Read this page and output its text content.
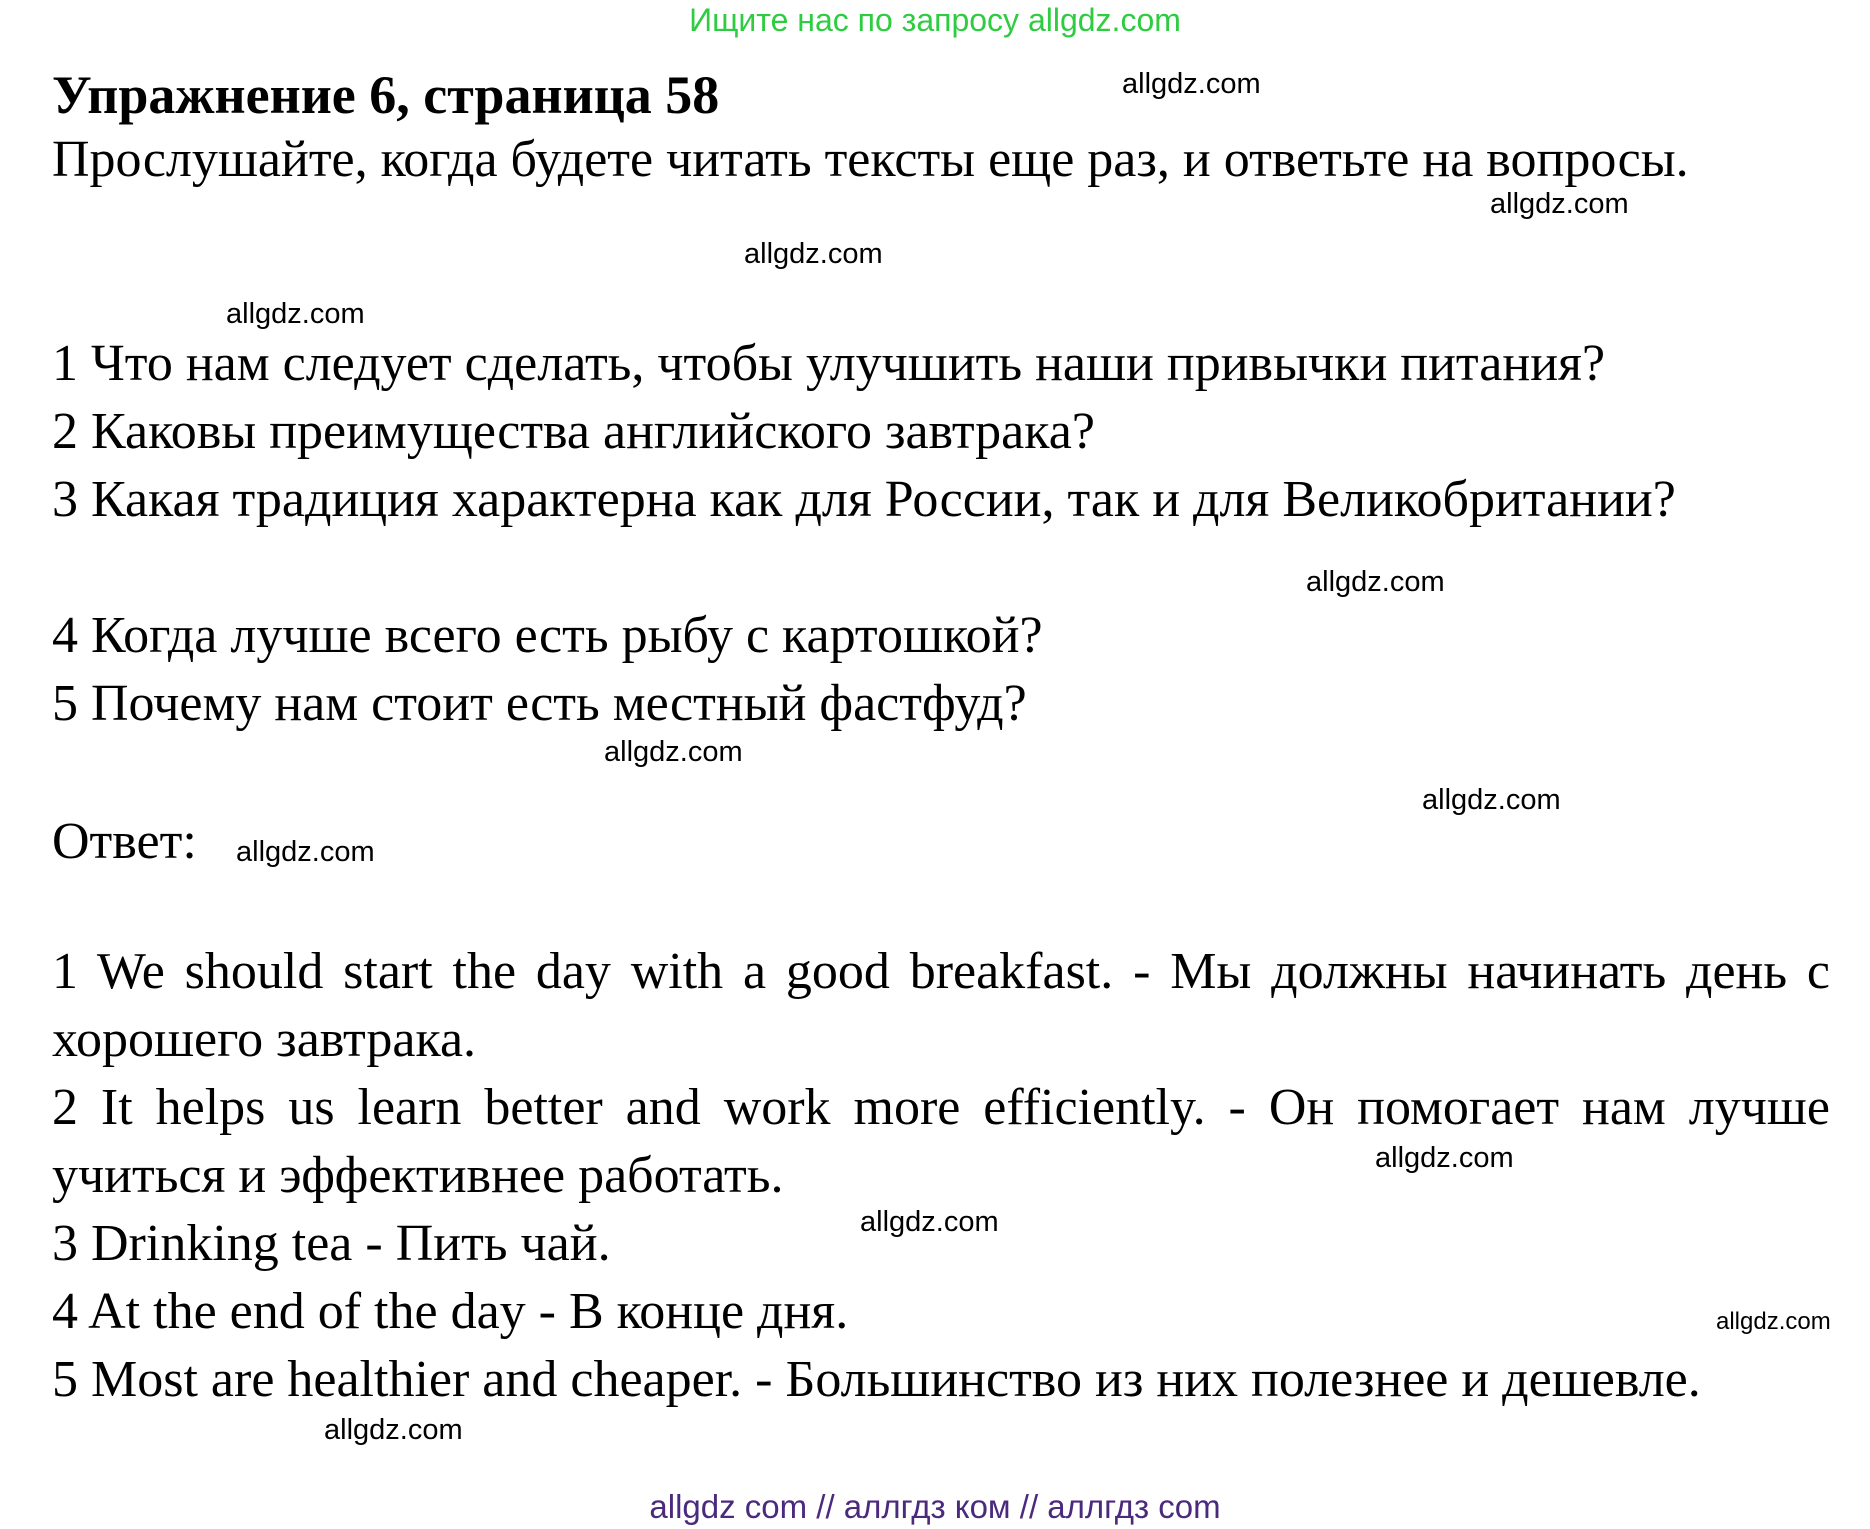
Ищите нас по запросу allgdz.com
Упражнение 6, страница 58

Прослушайте, когда будете читать тексты еще раз, и ответьте на вопросы.

1 Что нам следует сделать, чтобы улучшить наши привычки питания?

2 Каковы преимущества английского завтрака?

3 Какая традиция характерна как для России, так и для Великобритании?

4 Когда лучше всего есть рыбу с картошкой?

5 Почему нам стоит есть местный фастфуд?

Ответ:

1 We should start the day with a good breakfast. - Мы должны начинать день с хорошего завтрака.

2 It helps us learn better and work more efficiently. - Он помогает нам лучше учиться и эффективнее работать.

3 Drinking tea - Пить чай.

4 At the end of the day - В конце дня.

5 Most are healthier and cheaper. - Большинство из них полезнее и дешевле.

allgdz.com
allgdz.com
allgdz.com
allgdz.com
allgdz.com
allgdz.com
allgdz.com
allgdz.com
allgdz.com
allgdz.com
allgdz.com
allgdz.com
allgdz com // аллгдз ком // аллгдз com
